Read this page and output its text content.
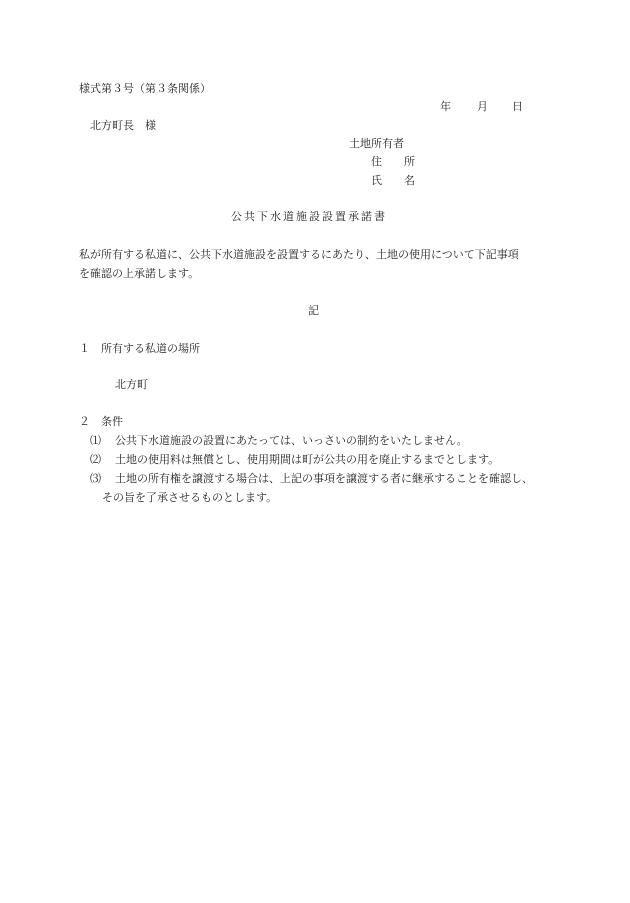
様式第３号（第３条関係）
年 月 日
北方町長　様
土地所有者
住　　所
氏　　名
公共下水道施設設置承諾書
私が所有する私道に、公共下水道施設を設置するにあたり、土地の使用について下記事項
を確認の上承諾します。
記
１　所有する私道の場所
北方町
２　条件
⑴ 公共下水道施設の設置にあたっては、いっさいの制約をいたしません。
⑵ 土地の使用料は無償とし、使用期間は町が公共の用を廃止するまでとします。
⑶ 土地の所有権を譲渡する場合は、上記の事項を譲渡する者に継承することを確認し、
その旨を了承させるものとします。
